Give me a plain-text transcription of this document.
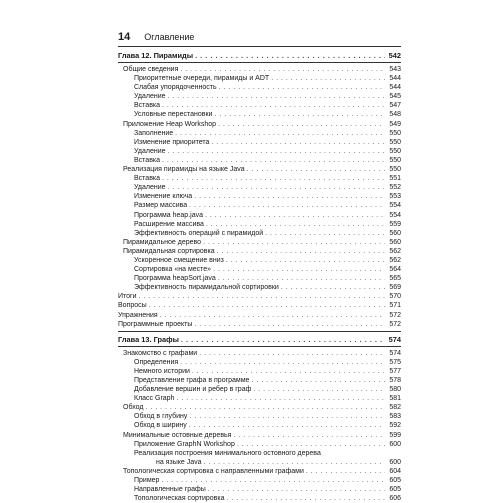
14 Оглавление
Глава 12. Пирамиды . . .	542
Общие сведения . . .	543
Приоритетные очереди, пирамиды и ADT . . .	544
Слабая упорядоченность . . .	544
Удаление . . .	545
Вставка . . .	547
Условные перестановки . . .	548
Приложение Heap Workshop . . .	549
Заполнение . . .	550
Изменение приоритета . . .	550
Удаление . . .	550
Вставка . . .	550
Реализация пирамиды на языке Java . . .	550
Вставка . . .	551
Удаление . . .	552
Изменение ключа . . .	553
Размер массива . . .	554
Программа heap.java . . .	554
Расширение массива . . .	559
Эффективность операций с пирамидой . . .	560
Пирамидальное дерево . . .	560
Пирамидальная сортировка . . .	562
Ускоренное смещение вниз . . .	562
Сортировка «на месте» . . .	564
Программа heapSort.java . . .	565
Эффективность пирамидальной сортировки . . .	569
Итоги . . .	570
Вопросы . . .	571
Упражнения . . .	572
Программные проекты . . .	572
Глава 13. Графы . . .	574
Знакомство с графами . . .	574
Определения . . .	575
Немного истории . . .	577
Представление графа в программе . . .	578
Добавление вершин и ребер в граф . . .	580
Класс Graph . . .	581
Обход . . .	582
Обход в глубину . . .	583
Обход в ширину . . .	592
Минимальные остовные деревья . . .	599
Приложение GraphN Workshop . . .	600
Реализация построения минимального остовного дерева
на языке Java . . .	600
Топологическая сортировка с направленными графами . . .	604
Пример . . .	605
Направленные графы . . .	605
Топологическая сортировка . . .	606
